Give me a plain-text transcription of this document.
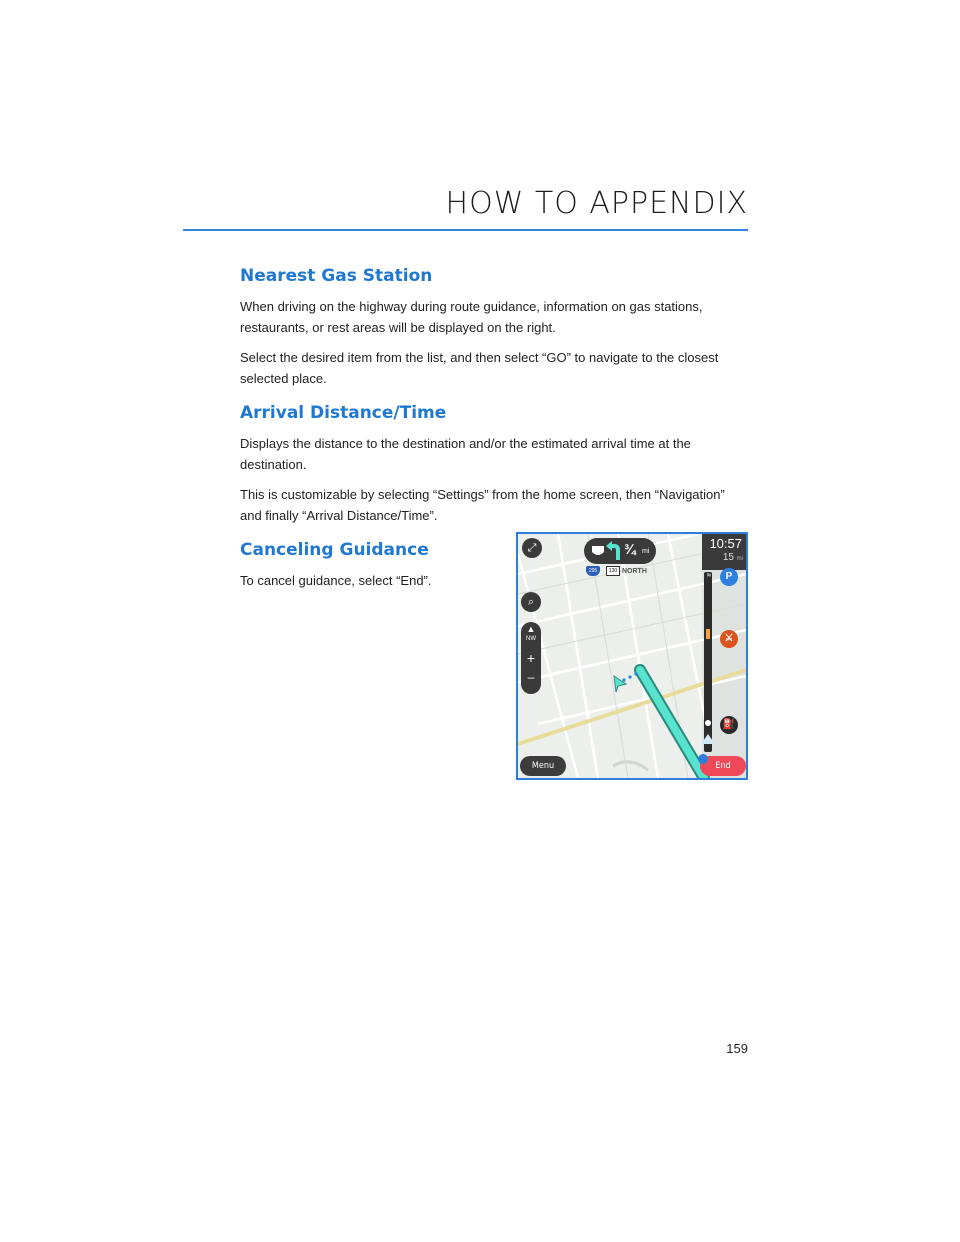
HOW TO APPENDIX
Nearest Gas Station

When driving on the highway during route guidance, information on gas stations, restaurants, or rest areas will be displayed on the right.

Select the desired item from the list, and then select “GO” to navigate to the closest selected place.

Arrival Distance/Time

Displays the distance to the destination and/or the estimated arrival time at the destination.

This is customizable by selecting “Settings” from the home screen, then “Navigation” and finally “Arrival Distance/Time”.

Canceling Guidance

To cancel guidance, select “End”.

⤢
⌕
▲
NW
+
–
¾ mi
295	130 NORTH
10:57
15 mi
⚑	P
⚔
⛽
Menu	End
159
